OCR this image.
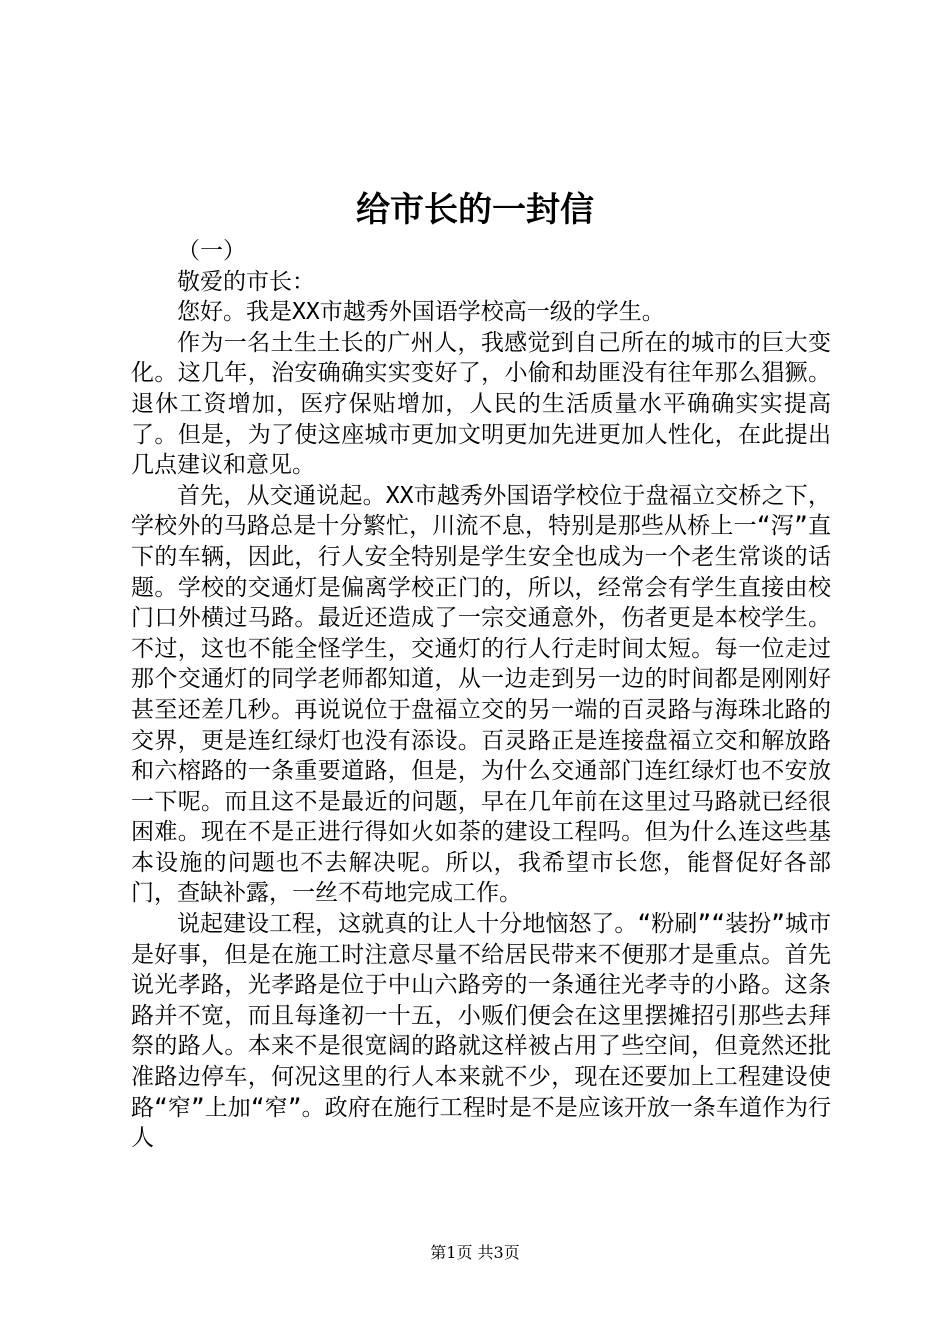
给市长的一封信

（一）

敬爱的市长：

您好。我是XX市越秀外国语学校高一级的学生。

作为一名土生土长的广州人，我感觉到自己所在的城市的巨大变化。这几年，治安确确实实变好了，小偷和劫匪没有往年那么猖獗。退休工资增加，医疗保贴增加，人民的生活质量水平确确实实提高了。但是，为了使这座城市更加文明更加先进更加人性化，在此提出几点建议和意见。

首先，从交通说起。XX市越秀外国语学校位于盘福立交桥之下，学校外的马路总是十分繁忙，川流不息，特别是那些从桥上一“泻”直下的车辆，因此，行人安全特别是学生安全也成为一个老生常谈的话题。学校的交通灯是偏离学校正门的，所以，经常会有学生直接由校门口外横过马路。最近还造成了一宗交通意外，伤者更是本校学生。不过，这也不能全怪学生，交通灯的行人行走时间太短。每一位走过那个交通灯的同学老师都知道，从一边走到另一边的时间都是刚刚好甚至还差几秒。再说说位于盘福立交的另一端的百灵路与海珠北路的交界，更是连红绿灯也没有添设。百灵路正是连接盘福立交和解放路和六榕路的一条重要道路，但是，为什么交通部门连红绿灯也不安放一下呢。而且这不是最近的问题，早在几年前在这里过马路就已经很困难。现在不是正进行得如火如荼的建设工程吗。但为什么连这些基本设施的问题也不去解决呢。所以，我希望市长您，能督促好各部门，查缺补露，一丝不苟地完成工作。

说起建设工程，这就真的让人十分地恼怒了。“粉刷”“装扮”城市是好事，但是在施工时注意尽量不给居民带来不便那才是重点。首先说光孝路，光孝路是位于中山六路旁的一条通往光孝寺的小路。这条路并不宽，而且每逢初一十五，小贩们便会在这里摆摊招引那些去拜祭的路人。本来不是很宽阔的路就这样被占用了些空间，但竟然还批准路边停车，何况这里的行人本来就不少，现在还要加上工程建设使路“窄”上加“窄”。政府在施行工程时是不是应该开放一条车道作为行人

第1页 共3页
